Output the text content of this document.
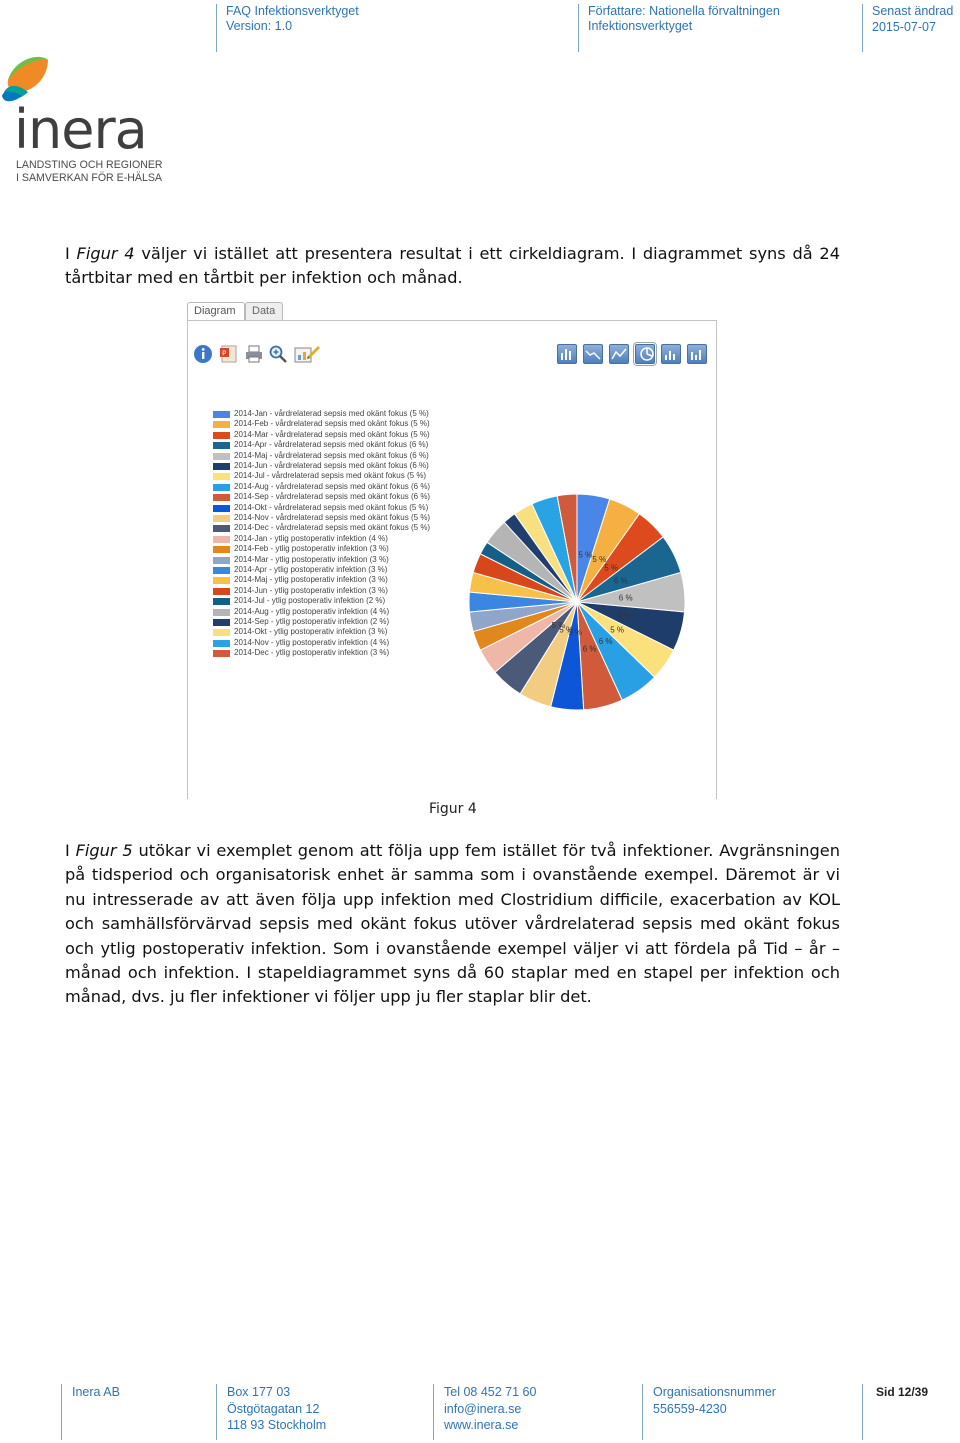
FAQ Infektionsverktyget
Version: 1.0
Författare: Nationella förvaltningen
Infektionsverktyget
Senast ändrad
2015-07-07
inera
LANDSTING OCH REGIONER
I SAMVERKAN FÖR E-HÄLSA

I Figur 4 väljer vi istället att presentera resultat i ett cirkeldiagram. I diagrammet syns då 24 tårtbitar med en tårtbit per infektion och månad.

Diagram	Data
P
2014-Jan - vårdrelaterad sepsis med okänt fokus (5 %)
2014-Feb - vårdrelaterad sepsis med okänt fokus (5 %)
2014-Mar - vårdrelaterad sepsis med okänt fokus (5 %)
2014-Apr - vårdrelaterad sepsis med okänt fokus (6 %)
2014-Maj - vårdrelaterad sepsis med okänt fokus (6 %)
2014-Jun - vårdrelaterad sepsis med okänt fokus (6 %)
2014-Jul - vårdrelaterad sepsis med okänt fokus (5 %)
2014-Aug - vårdrelaterad sepsis med okänt fokus (6 %)
2014-Sep - vårdrelaterad sepsis med okänt fokus (6 %)
2014-Okt - vårdrelaterad sepsis med okänt fokus (5 %)
2014-Nov - vårdrelaterad sepsis med okänt fokus (5 %)
2014-Dec - vårdrelaterad sepsis med okänt fokus (5 %)
2014-Jan - ytlig postoperativ infektion (4 %)
2014-Feb - ytlig postoperativ infektion (3 %)
2014-Mar - ytlig postoperativ infektion (3 %)
2014-Apr - ytlig postoperativ infektion (3 %)
2014-Maj - ytlig postoperativ infektion (3 %)
2014-Jun - ytlig postoperativ infektion (3 %)
2014-Jul - ytlig postoperativ infektion (2 %)
2014-Aug - ytlig postoperativ infektion (4 %)
2014-Sep - ytlig postoperativ infektion (2 %)
2014-Okt - ytlig postoperativ infektion (3 %)
2014-Nov - ytlig postoperativ infektion (4 %)
2014-Dec - ytlig postoperativ infektion (3 %)
5 % 5 %
5 %
6 %
6 %
6 %
5 %
6 %
6 %
5 %
5 %
5 %
Figur 4

I Figur 5 utökar vi exemplet genom att följa upp fem istället för två infektioner. Avgränsningen på tidsperiod och organisatorisk enhet är samma som i ovanstående exempel. Däremot är vi nu intresserade av att även följa upp infektion med Clostridium difficile, exacerbation av KOL och samhällsförvärvad sepsis med okänt fokus utöver vårdrelaterad sepsis med okänt fokus och ytlig postoperativ infektion. Som i ovanstående exempel väljer vi att fördela på Tid – år – månad och infektion. I stapeldiagrammet syns då 60 staplar med en stapel per infektion och månad, dvs. ju fler infektioner vi följer upp ju fler staplar blir det.

Inera AB	Box 177 03
Östgötagatan 12
118 93 Stockholm
Tel 08 452 71 60
info@inera.se
www.inera.se
Organisationsnummer
556559-4230
Sid 12/39
